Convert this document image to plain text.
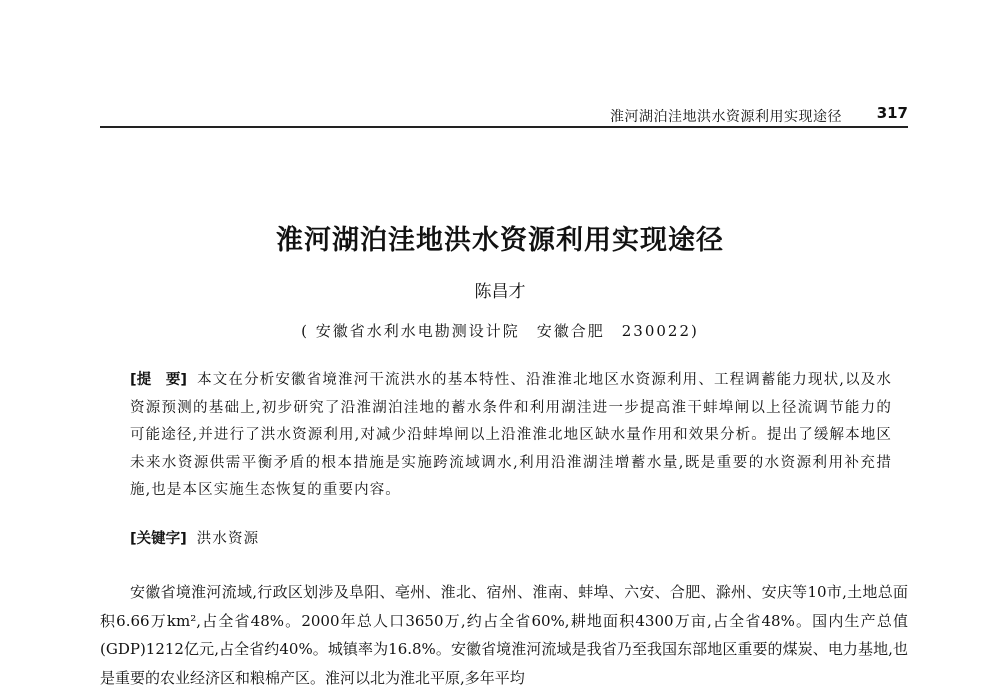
淮河湖泊洼地洪水资源利用实现途径 317
淮河湖泊洼地洪水资源利用实现途径
陈昌才
( 安徽省水利水电勘测设计院　安徽合肥　230022)
[提　要] 本文在分析安徽省境淮河干流洪水的基本特性、沿淮淮北地区水资源利用、工程调蓄能力现状,以及水资源预测的基础上,初步研究了沿淮湖泊洼地的蓄水条件和利用湖洼进一步提高淮干蚌埠闸以上径流调节能力的可能途径,并进行了洪水资源利用,对减少沿蚌埠闸以上沿淮淮北地区缺水量作用和效果分析。提出了缓解本地区未来水资源供需平衡矛盾的根本措施是实施跨流域调水,利用沿淮湖洼增蓄水量,既是重要的水资源利用补充措施,也是本区实施生态恢复的重要内容。
[关键字] 洪水资源
安徽省境淮河流域,行政区划涉及阜阳、亳州、淮北、宿州、淮南、蚌埠、六安、合肥、滁州、安庆等10市,土地总面积6.66万km²,占全省48%。2000年总人口3650万,约占全省60%,耕地面积4300万亩,占全省48%。国内生产总值(GDP)1212亿元,占全省约40%。城镇率为16.8%。安徽省境淮河流域是我省乃至我国东部地区重要的煤炭、电力基地,也是重要的农业经济区和粮棉产区。淮河以北为淮北平原,多年平均
